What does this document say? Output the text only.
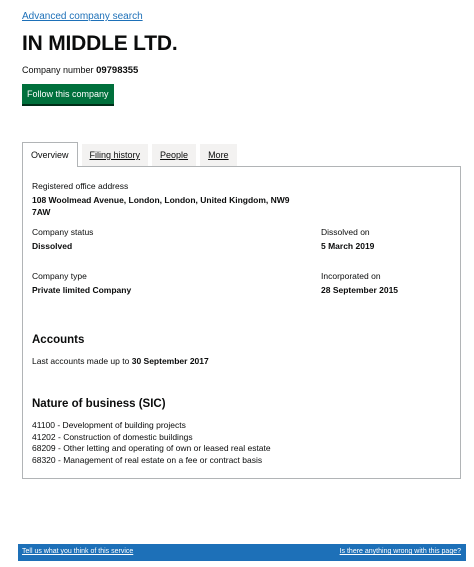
Advanced company search
IN MIDDLE LTD.
Company number 09798355
Follow this company
Overview	Filing history	People	More
Registered office address
108 Woolmead Avenue, London, London, United Kingdom, NW9
7AW
Company status
Dissolved
Dissolved on
5 March 2019
Company type
Private limited Company
Incorporated on
28 September 2015
Accounts
Last accounts made up to 30 September 2017
Nature of business (SIC)
41100 - Development of building projects
41202 - Construction of domestic buildings
68209 - Other letting and operating of own or leased real estate
68320 - Management of real estate on a fee or contract basis
Tell us what you think of this service	Is there anything wrong with this page?
